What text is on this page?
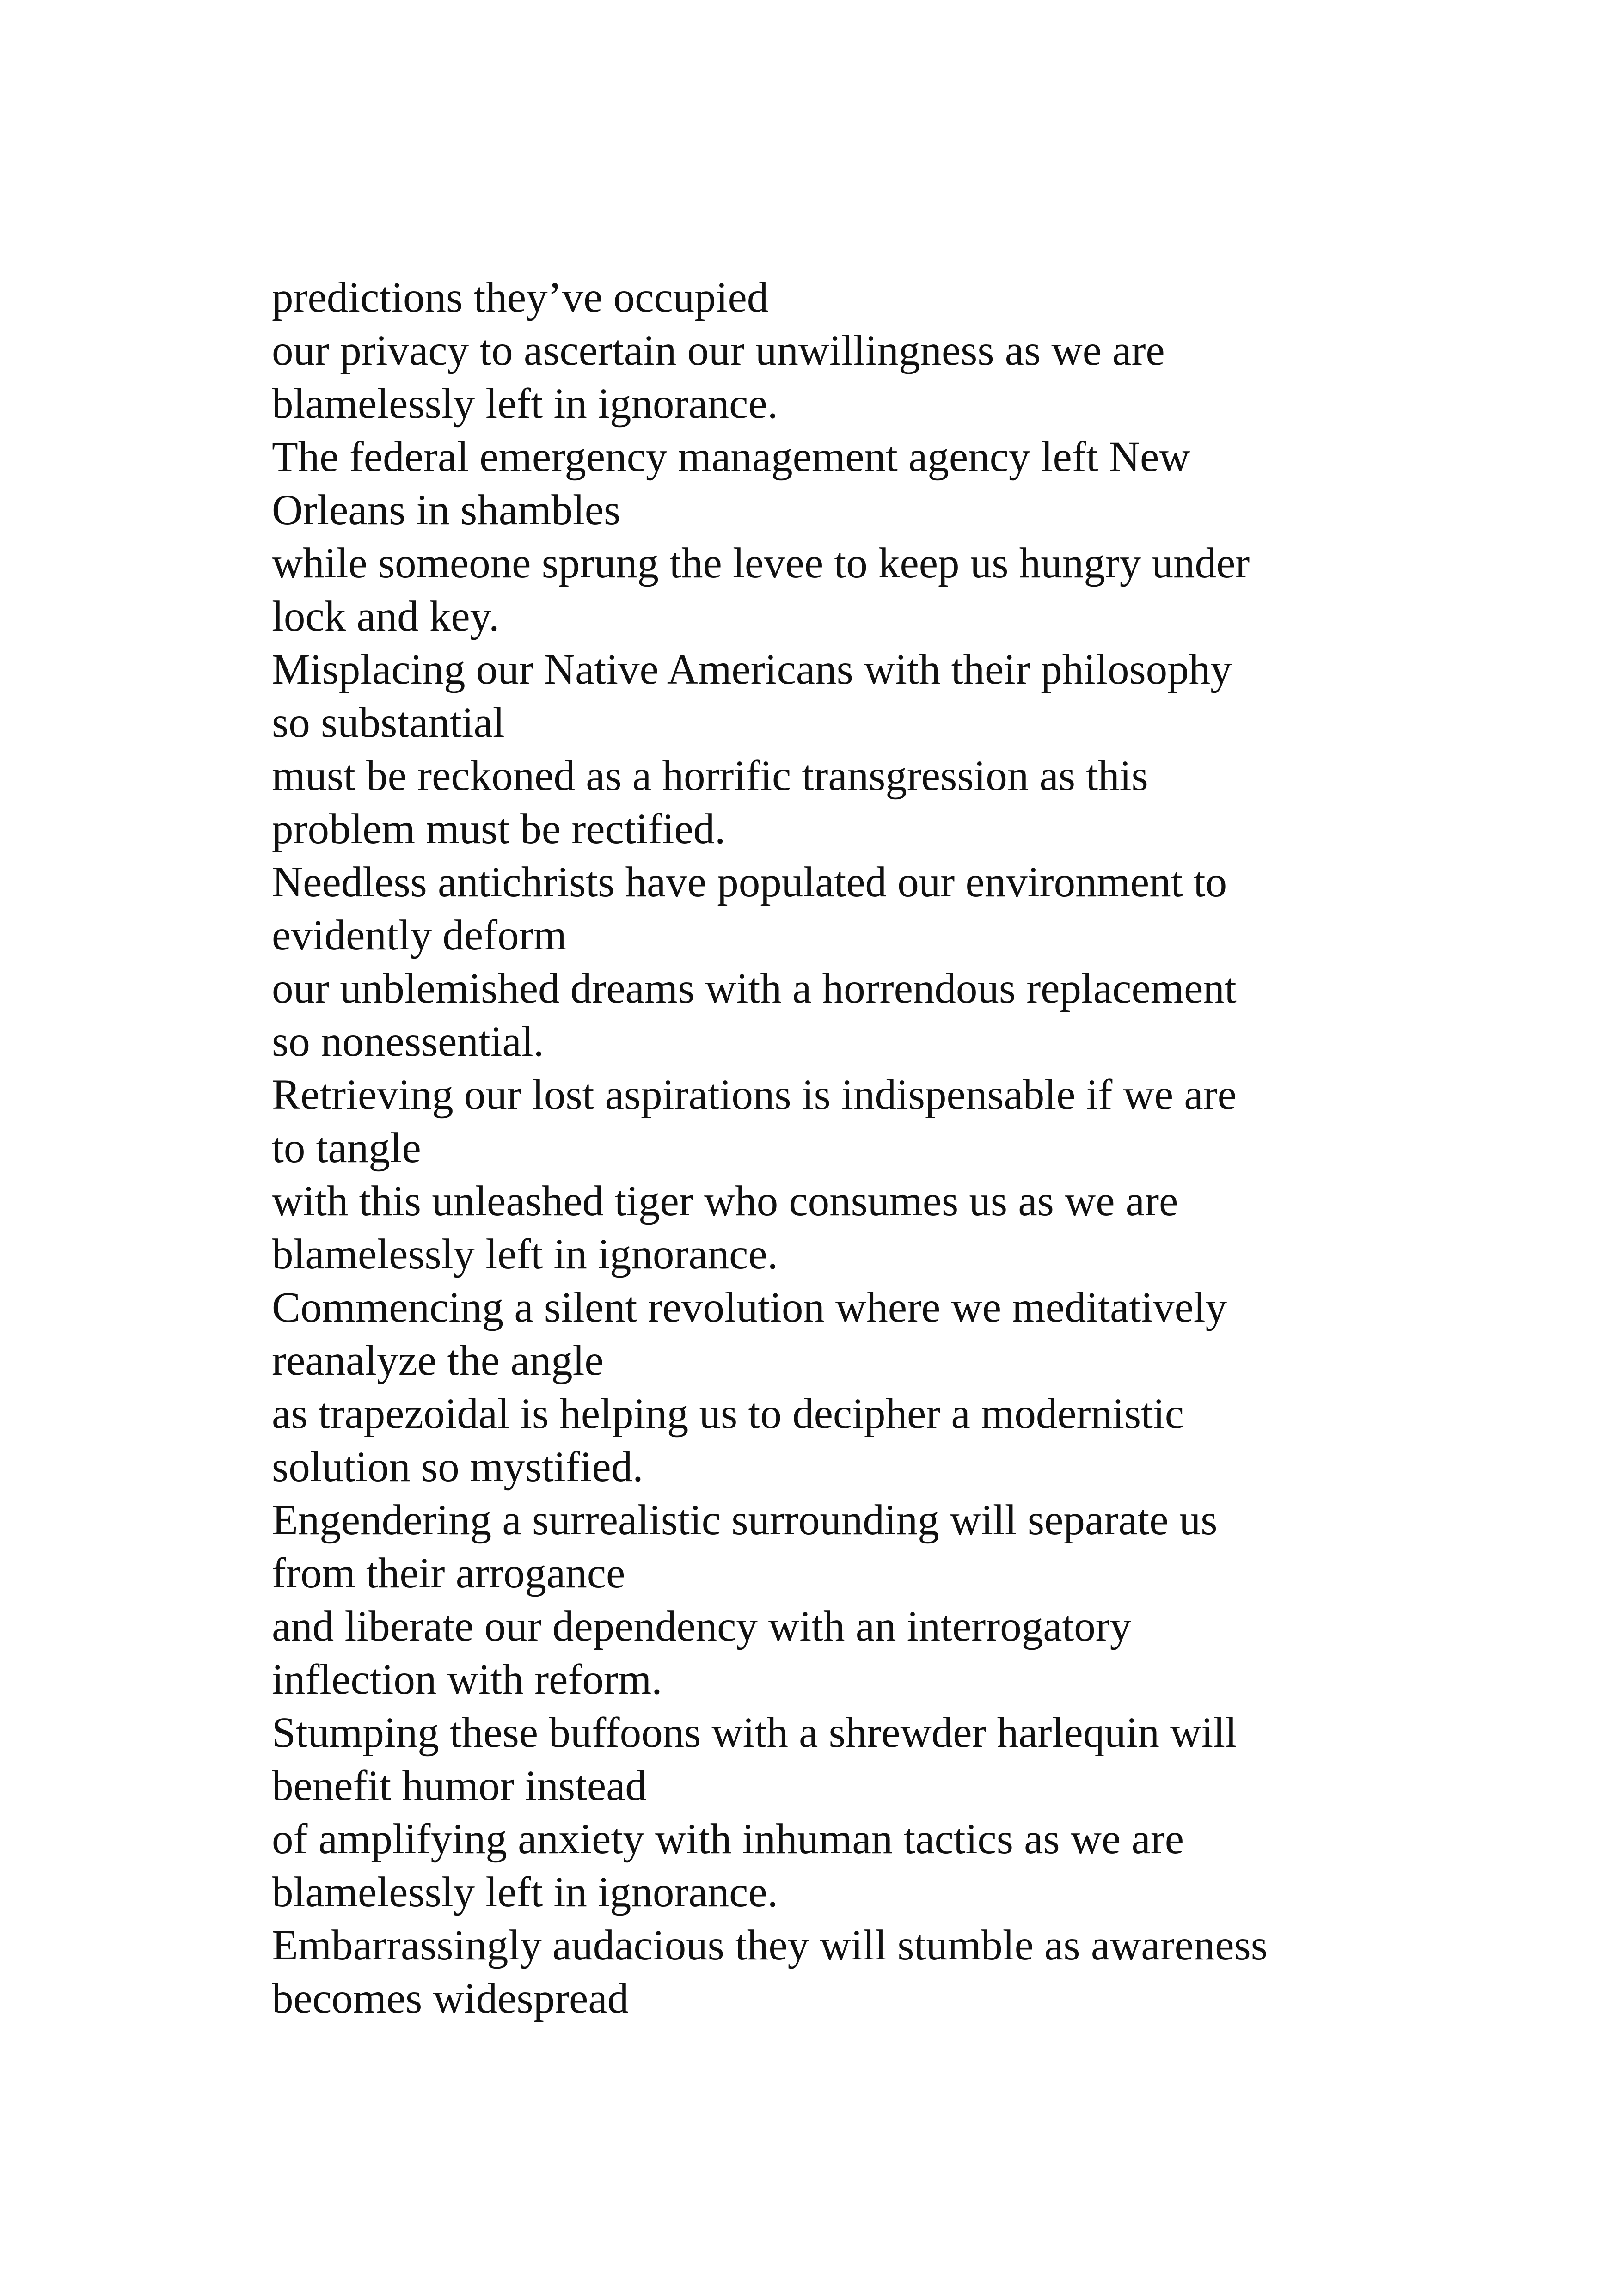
predictions they’ve occupied
our privacy to ascertain our unwillingness as we are
blamelessly left in ignorance.
The federal emergency management agency left New
Orleans in shambles
while someone sprung the levee to keep us hungry under
lock and key.
Misplacing our Native Americans with their philosophy
so substantial
must be reckoned as a horrific transgression as this
problem must be rectified.
Needless antichrists have populated our environment to
evidently deform
our unblemished dreams with a horrendous replacement
so nonessential.
Retrieving our lost aspirations is indispensable if we are
to tangle
with this unleashed tiger who consumes us as we are
blamelessly left in ignorance.
Commencing a silent revolution where we meditatively
reanalyze the angle
as trapezoidal is helping us to decipher a modernistic
solution so mystified.
Engendering a surrealistic surrounding will separate us
from their arrogance
and liberate our dependency with an interrogatory
inflection with reform.
Stumping these buffoons with a shrewder harlequin will
benefit humor instead
of amplifying anxiety with inhuman tactics as we are
blamelessly left in ignorance.
Embarrassingly audacious they will stumble as awareness
becomes widespread
